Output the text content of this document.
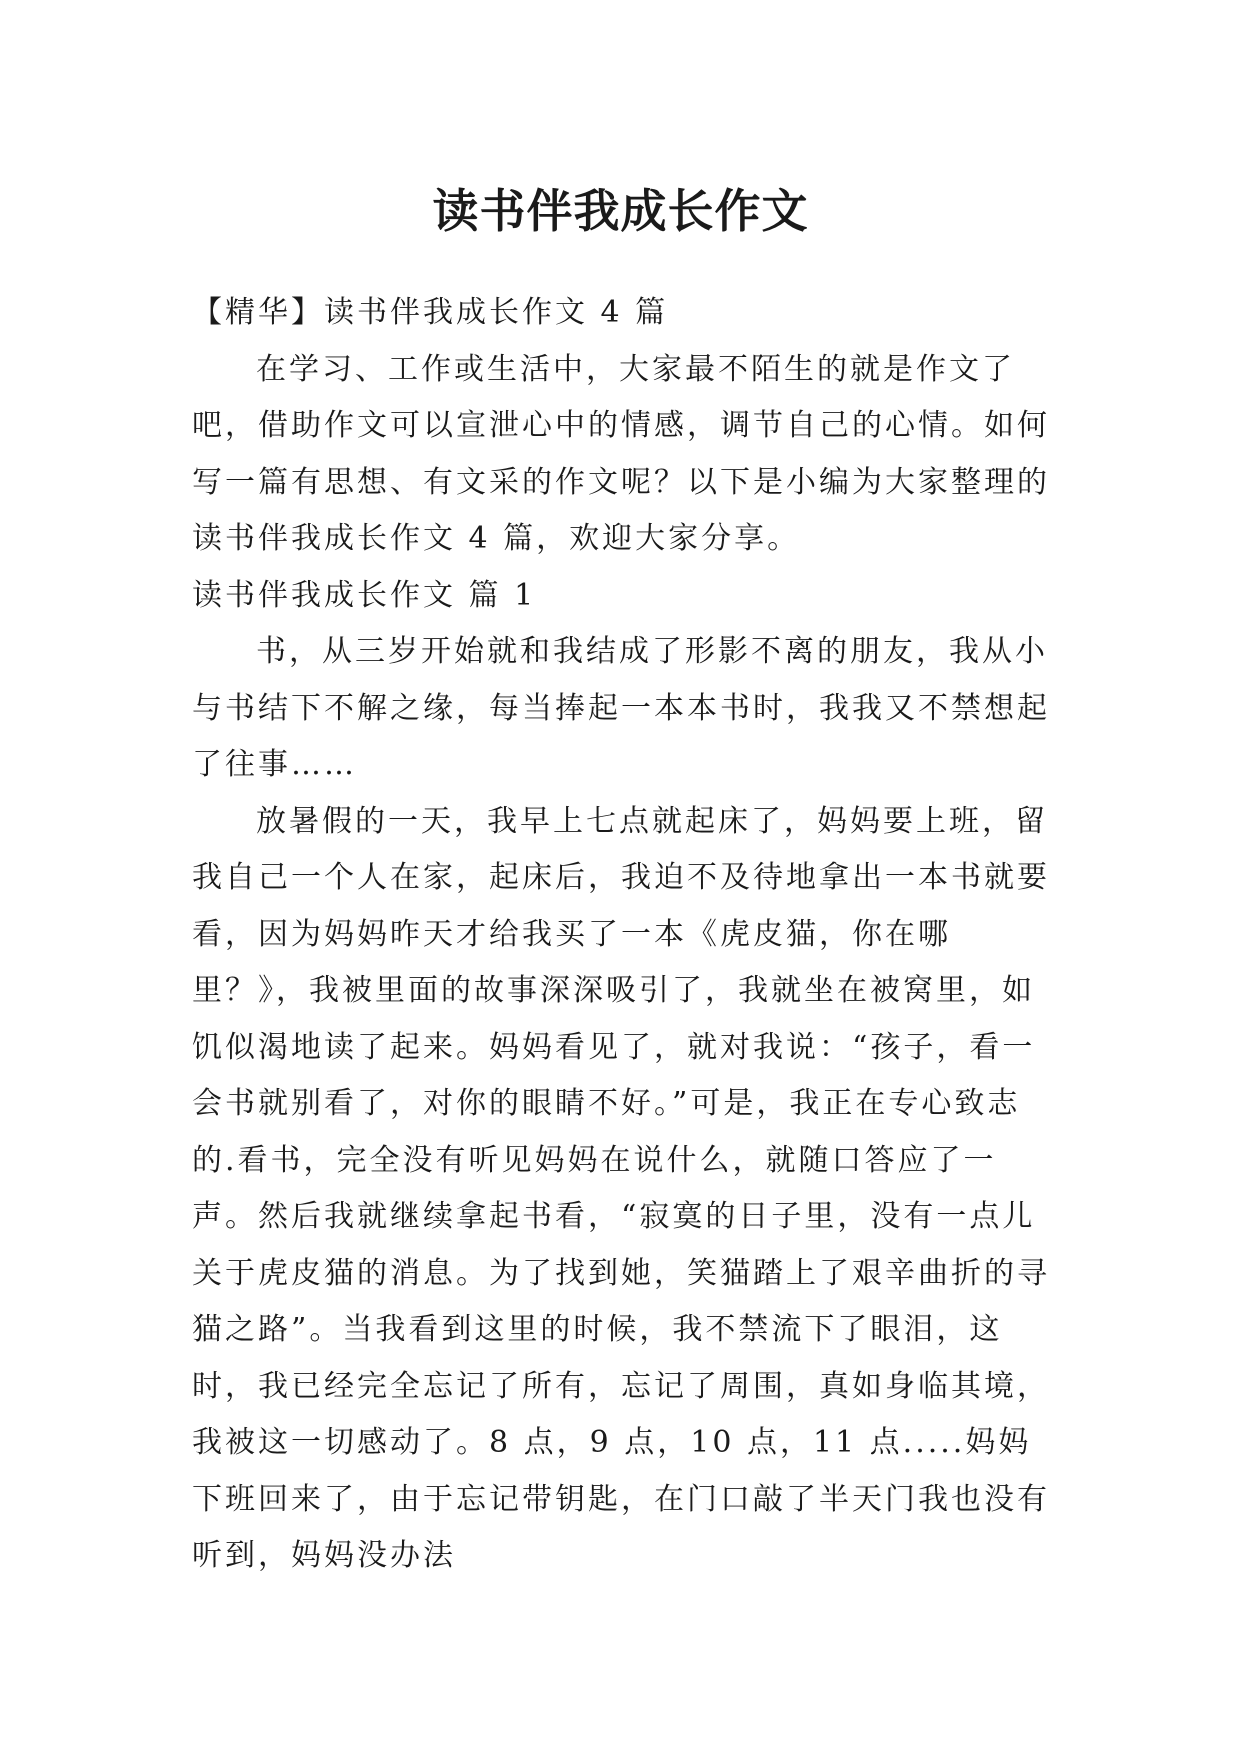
读书伴我成长作文

【精华】读书伴我成长作文 4 篇

在学习、工作或生活中，大家最不陌生的就是作文了吧，借助作文可以宣泄心中的情感，调节自己的心情。如何写一篇有思想、有文采的作文呢？以下是小编为大家整理的读书伴我成长作文 4 篇，欢迎大家分享。

读书伴我成长作文 篇 1

书，从三岁开始就和我结成了形影不离的朋友，我从小与书结下不解之缘，每当捧起一本本书时，我我又不禁想起了往事……

放暑假的一天，我早上七点就起床了，妈妈要上班，留我自己一个人在家，起床后，我迫不及待地拿出一本书就要看，因为妈妈昨天才给我买了一本《虎皮猫，你在哪里？》，我被里面的故事深深吸引了，我就坐在被窝里，如饥似渴地读了起来。妈妈看见了，就对我说：“孩子，看一会书就别看了，对你的眼睛不好。”可是，我正在专心致志的.看书，完全没有听见妈妈在说什么，就随口答应了一声。然后我就继续拿起书看，“寂寞的日子里，没有一点儿关于虎皮猫的消息。为了找到她，笑猫踏上了艰辛曲折的寻猫之路”。当我看到这里的时候，我不禁流下了眼泪，这时，我已经完全忘记了所有，忘记了周围，真如身临其境，我被这一切感动了。8 点，9 点，10 点，11 点.....妈妈下班回来了，由于忘记带钥匙，在门口敲了半天门我也没有听到，妈妈没办法
